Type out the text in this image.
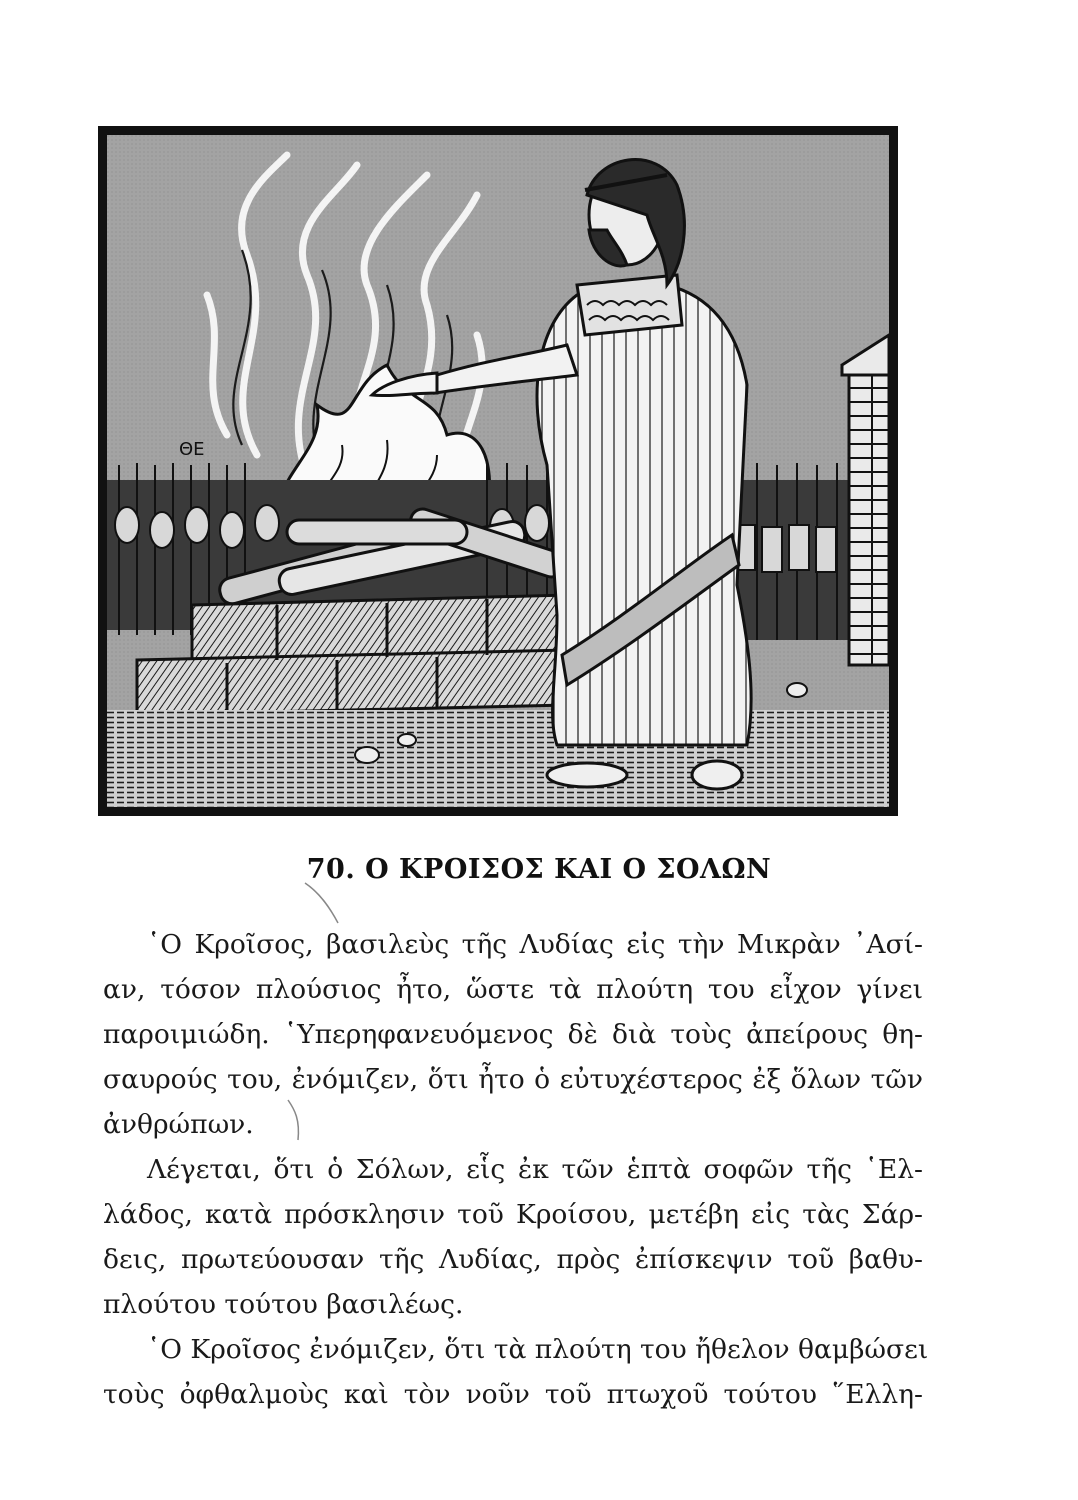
ΘΕ
70. Ο ΚΡΟΙΣΟΣ ΚΑΙ Ο ΣΟΛΩΝ
῾Ο Κροῖσος, βασιλεὺς τῆς Λυδίας εἰς τὴν Μικρὰν ᾿Ασί-
αν, τόσον πλούσιος ἦτο, ὥστε τὰ πλούτη του εἶχον γίνει
παροιμιώδη. ῾Υπερηφανευόμενος δὲ διὰ τοὺς ἀπείρους θη-
σαυρούς του, ἐνόμιζεν, ὅτι ἦτο ὁ εὐτυχέστερος ἐξ ὅλων τῶν
ἀνθρώπων.
Λέγεται, ὅτι ὁ Σόλων, εἷς ἐκ τῶν ἑπτὰ σοφῶν τῆς ῾Ελ-
λάδος, κατὰ πρόσκλησιν τοῦ Κροίσου, μετέβη εἰς τὰς Σάρ-
δεις, πρωτεύουσαν τῆς Λυδίας, πρὸς ἐπίσκεψιν τοῦ βαθυ-
πλούτου τούτου βασιλέως.
῾Ο Κροῖσος ἐνόμιζεν, ὅτι τὰ πλούτη του ἤθελον θαμβώσει
τοὺς ὀφθαλμοὺς καὶ τὸν νοῦν τοῦ πτωχοῦ τούτου ῞Ελλη-
